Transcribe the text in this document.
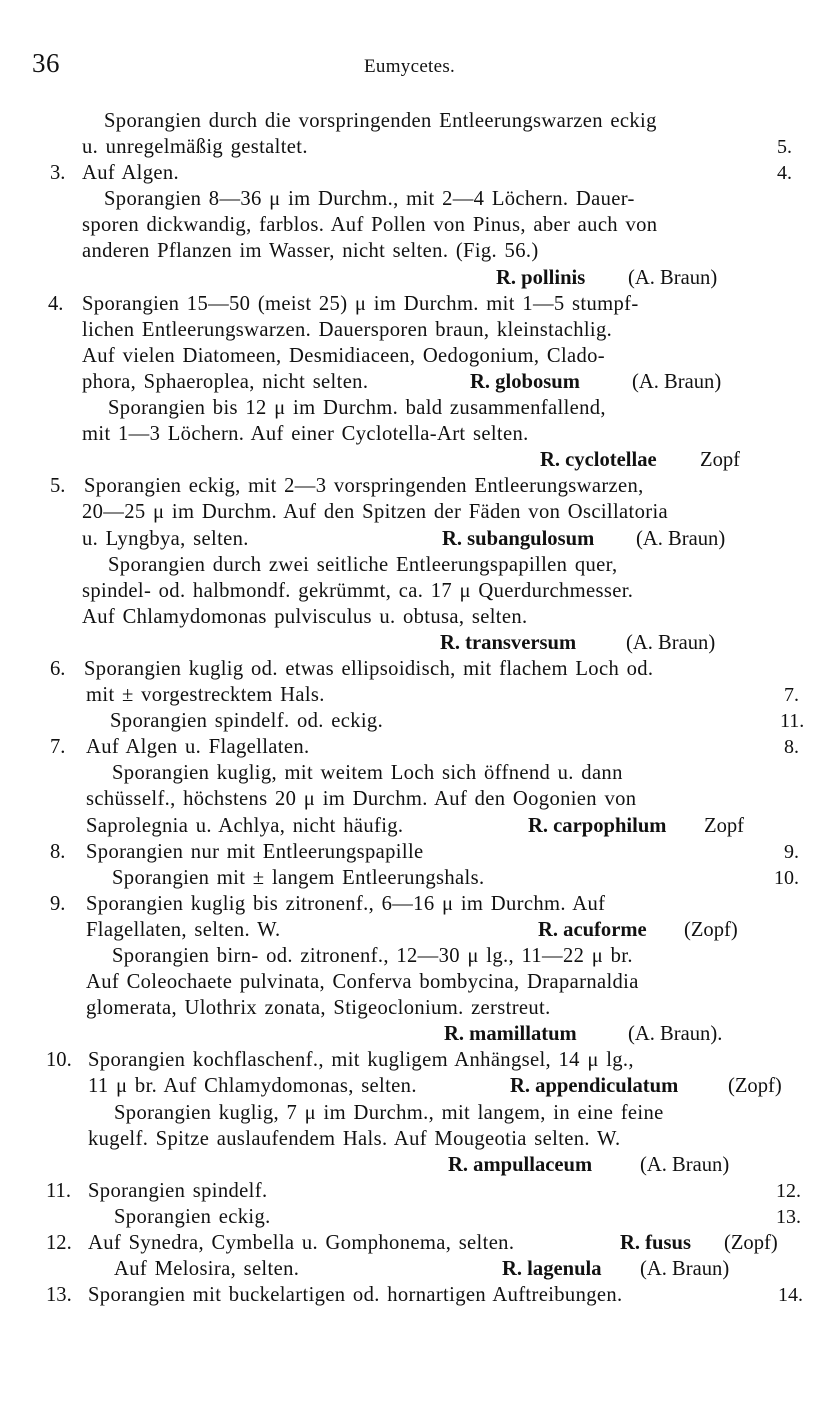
36	Eumycetes.
Sporangien durch die vorspringenden Entleerungswarzen eckig
u. unregelmäßig gestaltet.	5.
3. Auf Algen.	4.
Sporangien 8—36 μ im Durchm., mit 2—4 Löchern. Dauer-
sporen dickwandig, farblos. Auf Pollen von Pinus, aber auch von
anderen Pflanzen im Wasser, nicht selten. (Fig. 56.)
R. pollinis (A. Braun)
4. Sporangien 15—50 (meist 25) μ im Durchm. mit 1—5 stumpf-
lichen Entleerungswarzen. Dauersporen braun, kleinstachlig.
Auf vielen Diatomeen, Desmidiaceen, Oedogonium, Clado-
phora, Sphaeroplea, nicht selten.	R. globosum	(A. Braun)
Sporangien bis 12 μ im Durchm. bald zusammenfallend,
mit 1—3 Löchern. Auf einer Cyclotella-Art selten.
R. cyclotellae Zopf
5. Sporangien eckig, mit 2—3 vorspringenden Entleerungswarzen,
20—25 μ im Durchm. Auf den Spitzen der Fäden von Oscillatoria
u. Lyngbya, selten.	R. subangulosum (A. Braun)
Sporangien durch zwei seitliche Entleerungspapillen quer,
spindel- od. halbmondf. gekrümmt, ca. 17 μ Querdurchmesser.
Auf Chlamydomonas pulvisculus u. obtusa, selten.
R. transversum (A. Braun)
6. Sporangien kuglig od. etwas ellipsoidisch, mit flachem Loch od.
mit ± vorgestrecktem Hals.	7.
Sporangien spindelf. od. eckig.	11.
7. Auf Algen u. Flagellaten.	8.
Sporangien kuglig, mit weitem Loch sich öffnend u. dann
schüsself., höchstens 20 μ im Durchm. Auf den Oogonien von
Saprolegnia u. Achlya, nicht häufig.	R. carpophilum Zopf
8. Sporangien nur mit Entleerungspapille	9.
Sporangien mit ± langem Entleerungshals.	10.
9. Sporangien kuglig bis zitronenf., 6—16 μ im Durchm. Auf
Flagellaten, selten. W.	R. acuforme (Zopf)
Sporangien birn- od. zitronenf., 12—30 μ lg., 11—22 μ br.
Auf Coleochaete pulvinata, Conferva bombycina, Draparnaldia
glomerata, Ulothrix zonata, Stigeoclonium. zerstreut.
R. mamillatum (A. Braun).
10. Sporangien kochflaschenf., mit kugligem Anhängsel, 14 μ lg.,
11 μ br. Auf Chlamydomonas, selten.	R. appendiculatum (Zopf)
Sporangien kuglig, 7 μ im Durchm., mit langem, in eine feine
kugelf. Spitze auslaufendem Hals. Auf Mougeotia selten. W.
R. ampullaceum (A. Braun)
11. Sporangien spindelf.	12.
Sporangien eckig.	13.
12. Auf Synedra, Cymbella u. Gomphonema, selten.	R. fusus (Zopf)
Auf Melosira, selten.	R. lagenula (A. Braun)
13. Sporangien mit buckelartigen od. hornartigen Auftreibungen.	14.
